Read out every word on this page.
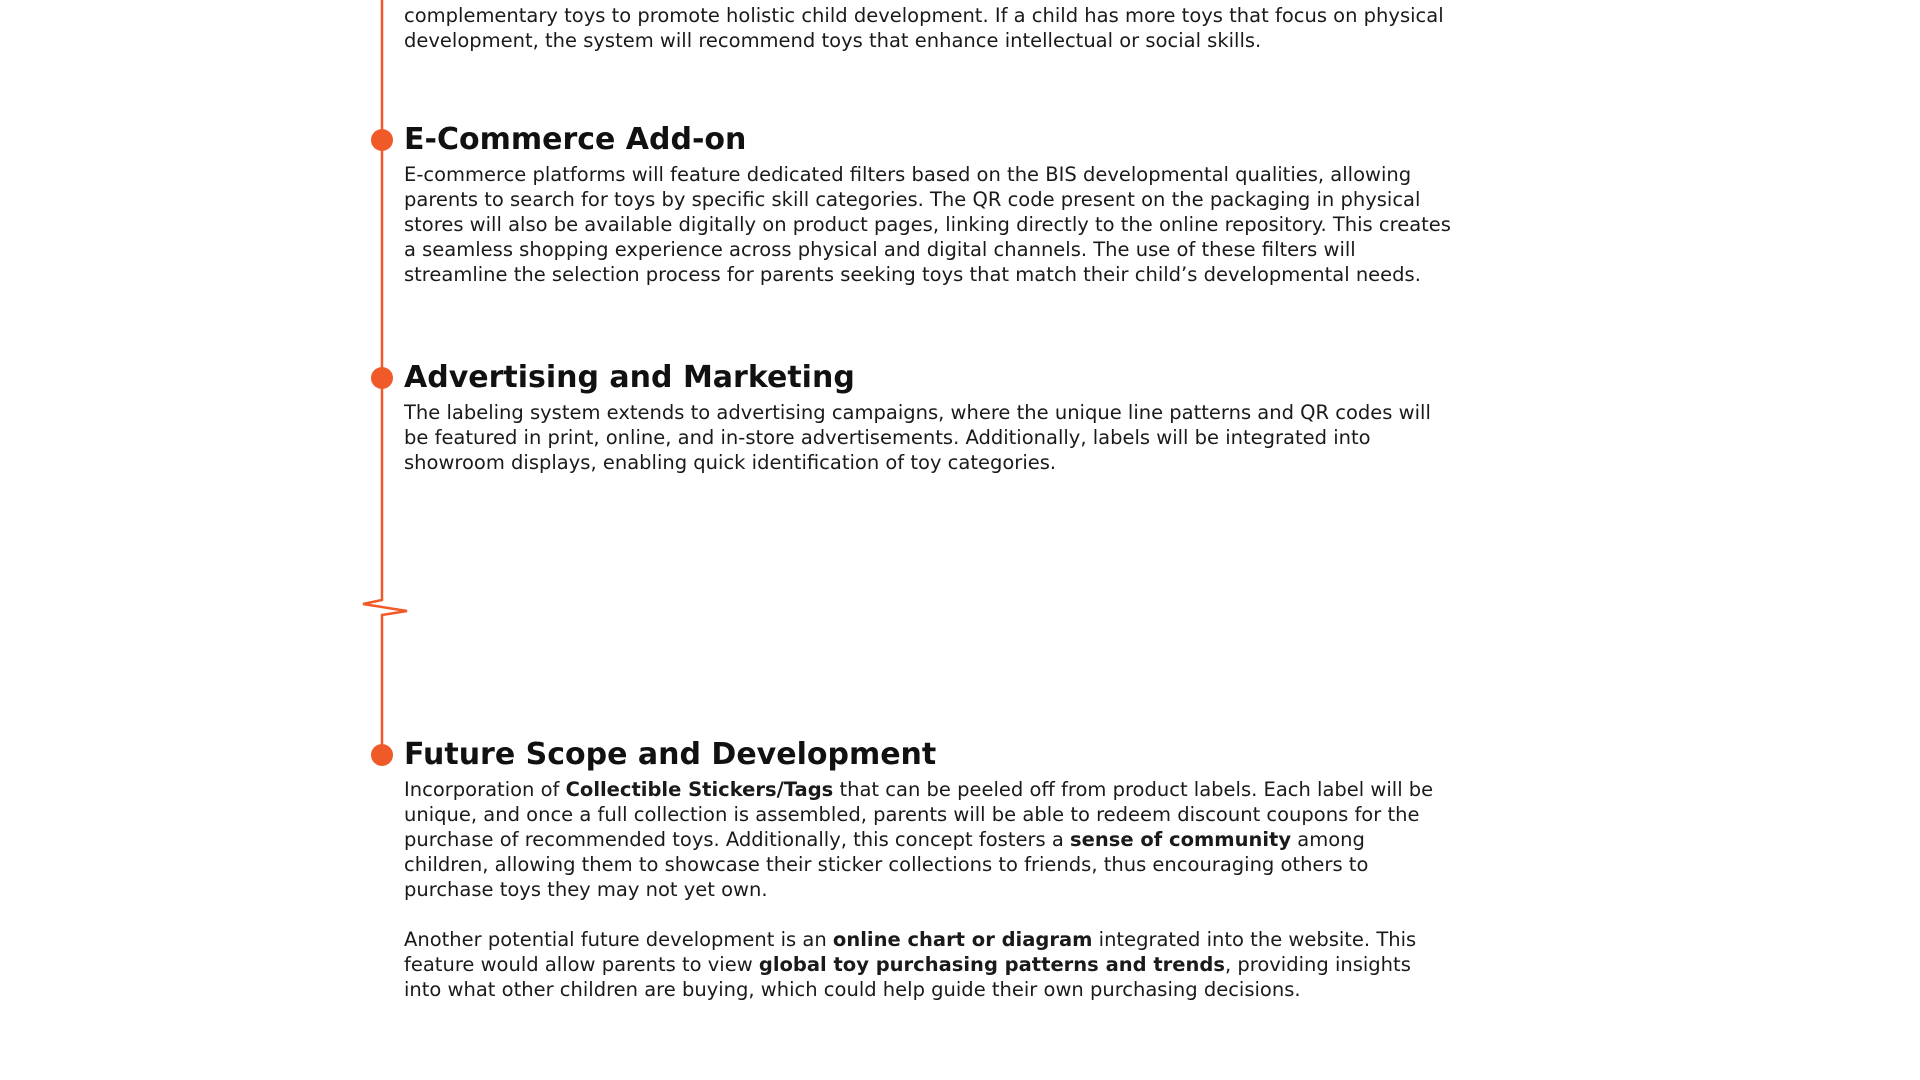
complementary toys to promote holistic child development. If a child has more toys that focus on physical development, the system will recommend toys that enhance intellectual or social skills.

E-Commerce Add-on

E-commerce platforms will feature dedicated filters based on the BIS developmental qualities, allowing parents to search for toys by specific skill categories. The QR code present on the packaging in physical stores will also be available digitally on product pages, linking directly to the online repository. This creates a seamless shopping experience across physical and digital channels. The use of these filters will streamline the selection process for parents seeking toys that match their child’s developmental needs.

Advertising and Marketing

The labeling system extends to advertising campaigns, where the unique line patterns and QR codes will be featured in print, online, and in-store advertisements. Additionally, labels will be integrated into showroom displays, enabling quick identification of toy categories.

Future Scope and Development

Incorporation of Collectible Stickers/Tags that can be peeled off from product labels. Each label will be unique, and once a full collection is assembled, parents will be able to redeem discount coupons for the purchase of recommended toys. Additionally, this concept fosters a sense of community among children, allowing them to showcase their sticker collections to friends, thus encouraging others to purchase toys they may not yet own.

Another potential future development is an online chart or diagram integrated into the website. This feature would allow parents to view global toy purchasing patterns and trends, providing insights into what other children are buying, which could help guide their own purchasing decisions.
